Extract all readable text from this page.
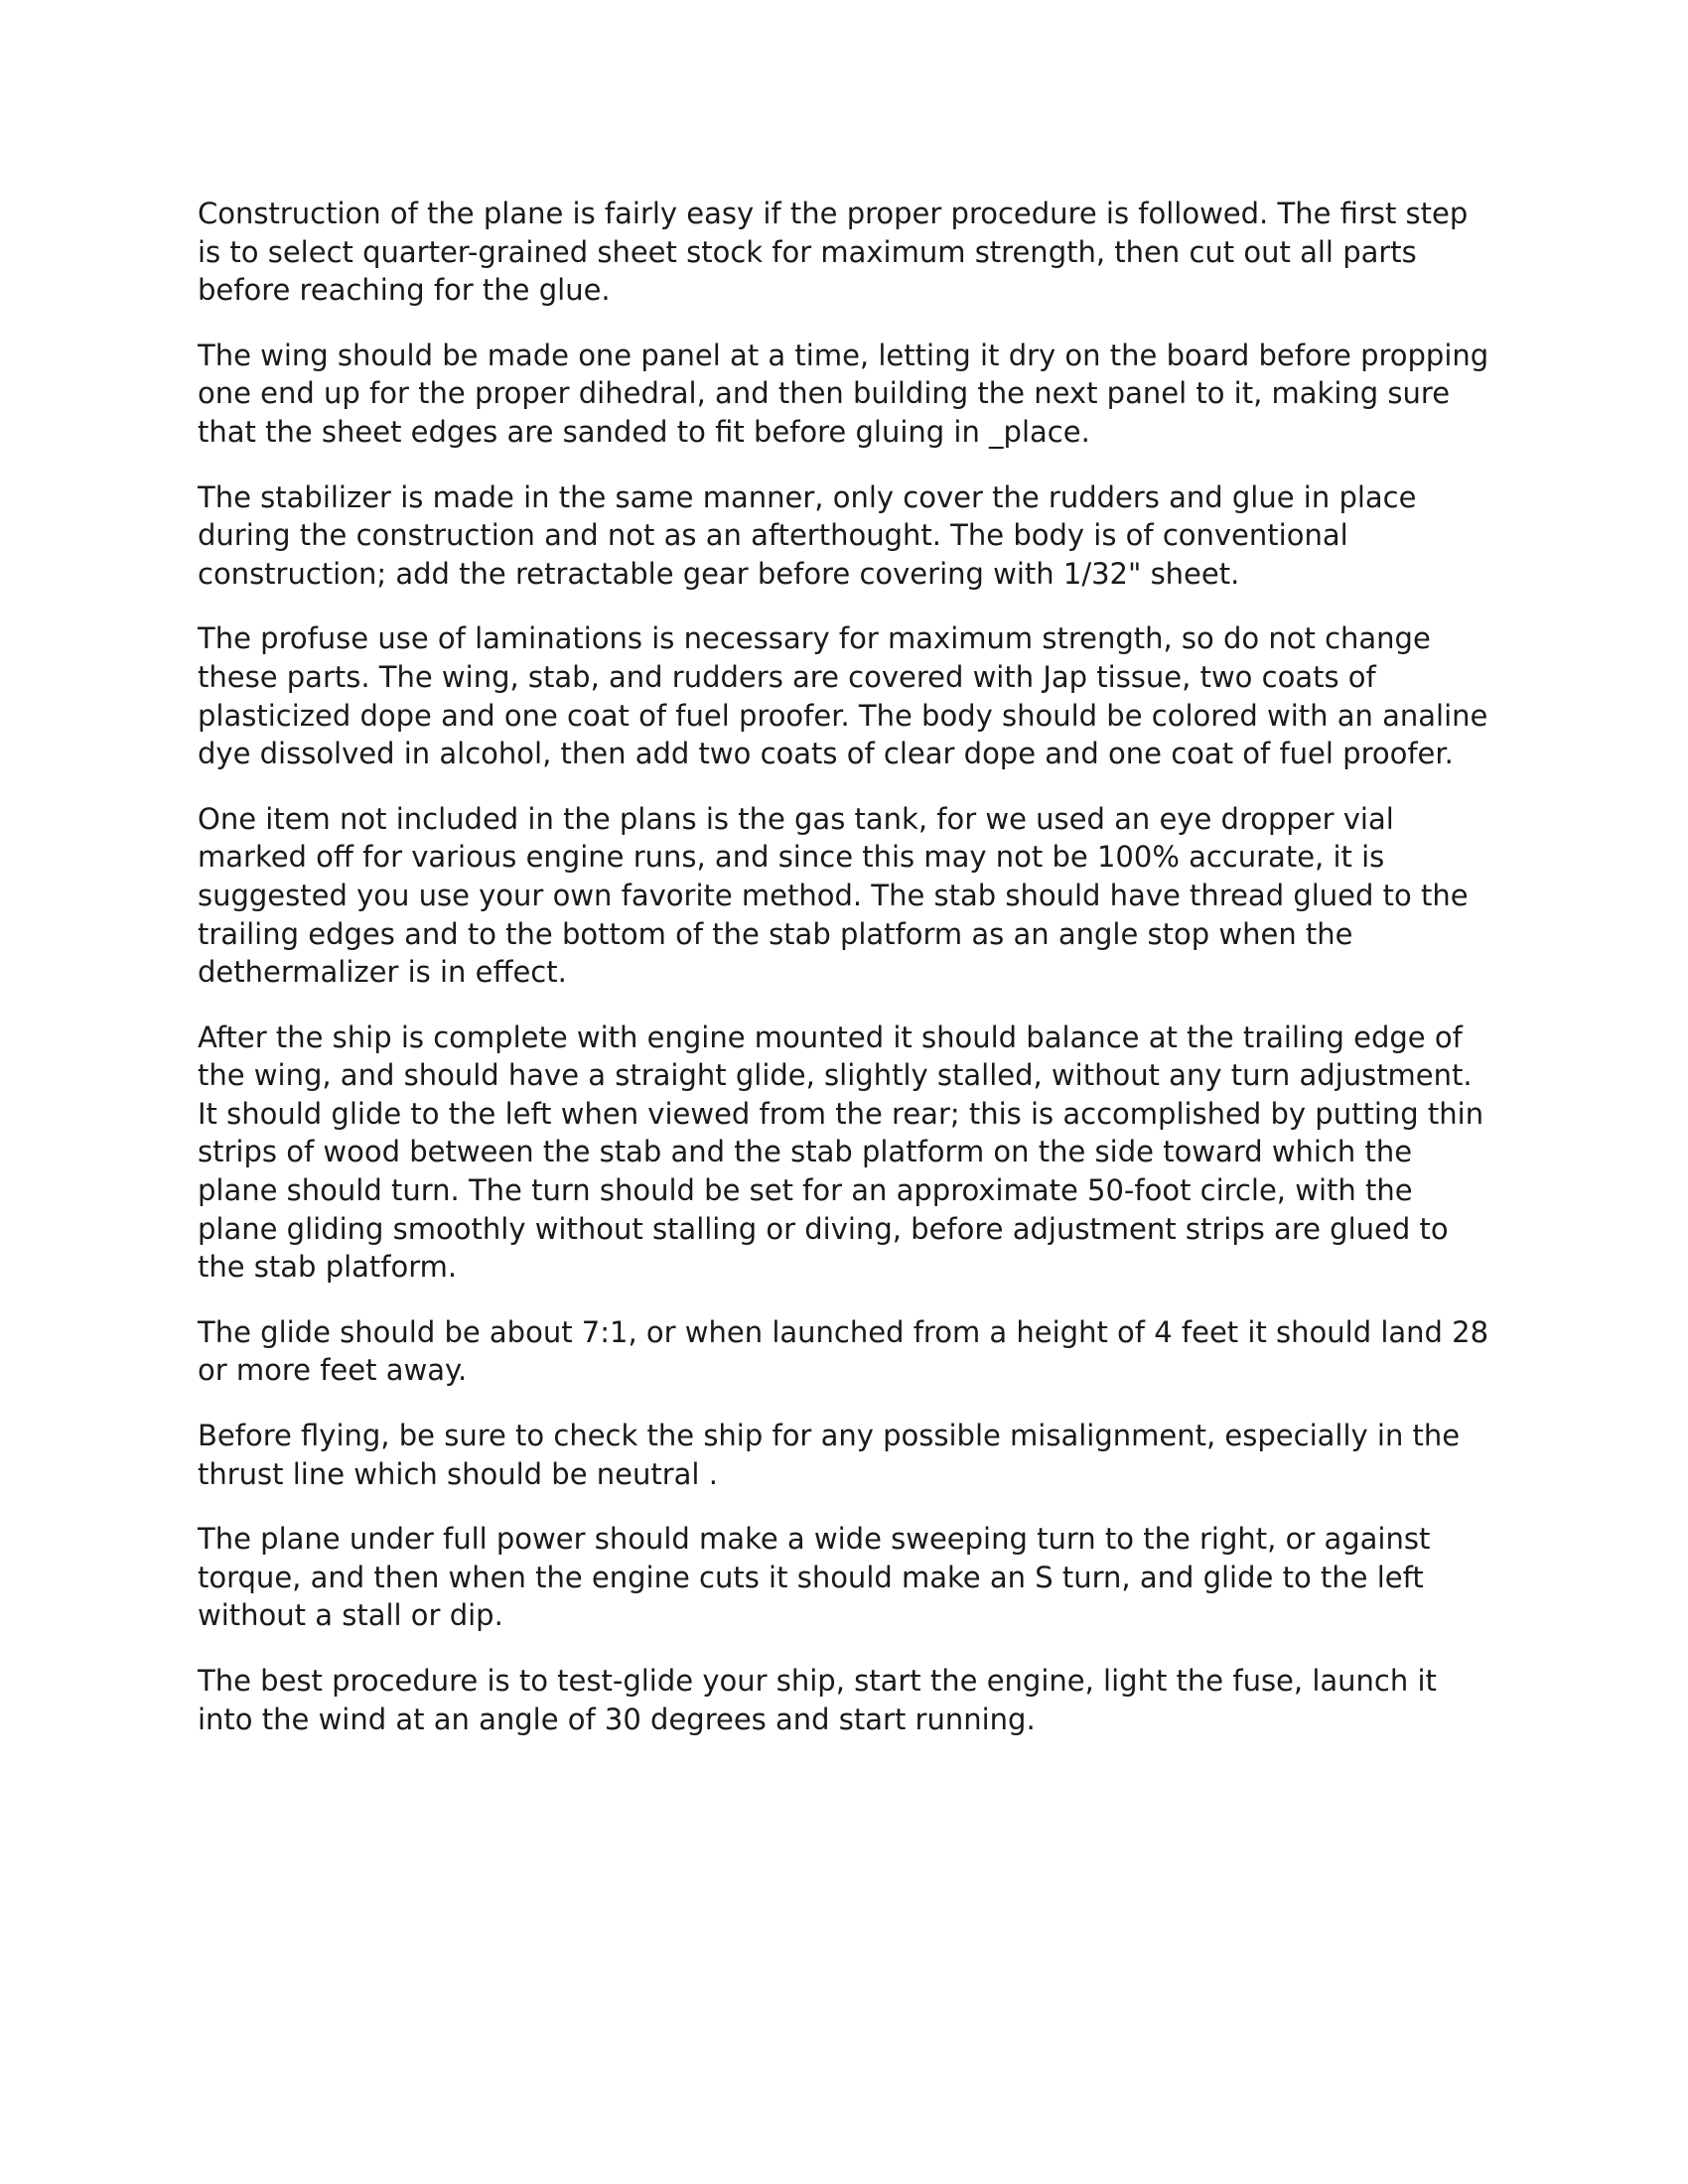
Construction of the plane is fairly easy if the proper procedure is followed. The first step is to select quarter-grained sheet stock for maximum strength, then cut out all parts before reaching for the glue.

The wing should be made one panel at a time, letting it dry on the board before propping one end up for the proper dihedral, and then building the next panel to it, making sure that the sheet edges are sanded to fit before gluing in _place.

The stabilizer is made in the same manner, only cover the rudders and glue in place during the construction and not as an afterthought. The body is of conventional construction; add the retractable gear before covering with 1/32" sheet.

The profuse use of laminations is necessary for maximum strength, so do not change these parts. The wing, stab, and rudders are covered with Jap tissue, two coats of plasticized dope and one coat of fuel proofer. The body should be colored with an analine dye dissolved in alcohol, then add two coats of clear dope and one coat of fuel proofer.

One item not included in the plans is the gas tank, for we used an eye dropper vial marked off for various engine runs, and since this may not be 100% accurate, it is suggested you use your own favorite method. The stab should have thread glued to the trailing edges and to the bottom of the stab platform as an angle stop when the dethermalizer is in effect.

After the ship is complete with engine mounted it should balance at the trailing edge of the wing, and should have a straight glide, slightly stalled, without any turn adjustment. It should glide to the left when viewed from the rear; this is accomplished by putting thin strips of wood between the stab and the stab platform on the side toward which the plane should turn. The turn should be set for an approximate 50-foot circle, with the plane gliding smoothly without stalling or diving, before adjustment strips are glued to the stab platform.

The glide should be about 7:1, or when launched from a height of 4 feet it should land 28 or more feet away.

Before flying, be sure to check the ship for any possible misalignment, especially in the thrust line which should be neutral .

The plane under full power should make a wide sweeping turn to the right, or against torque, and then when the engine cuts it should make an S turn, and glide to the left without a stall or dip.

The best procedure is to test-glide your ship, start the engine, light the fuse, launch it into the wind at an angle of 30 degrees and start running.
